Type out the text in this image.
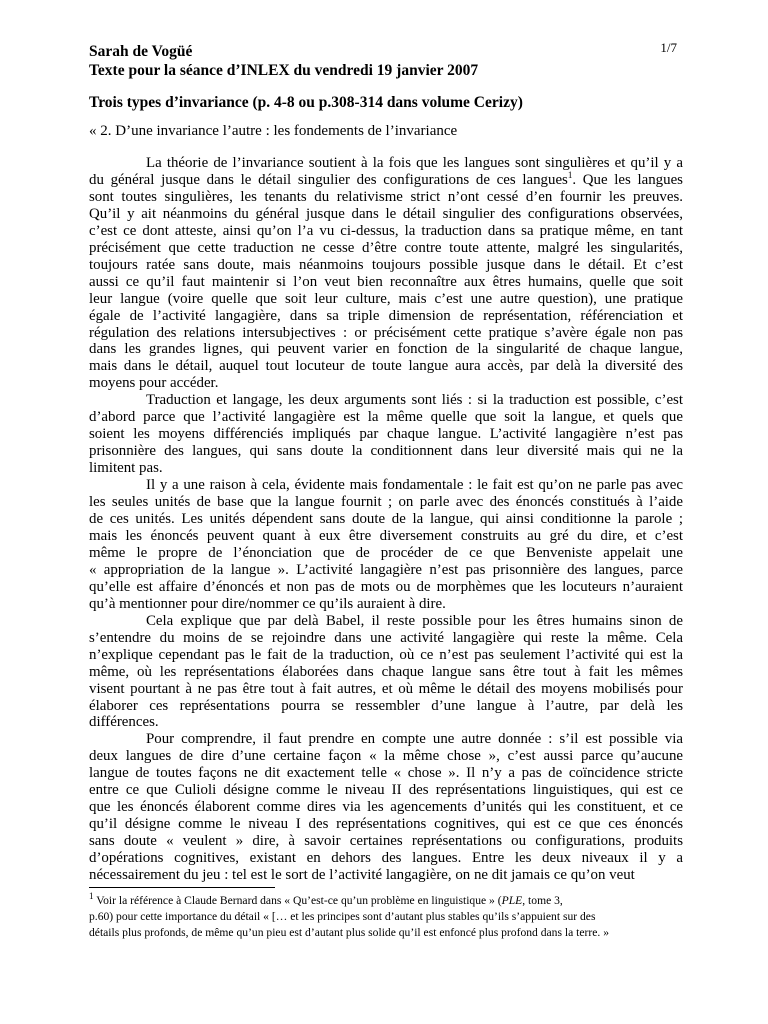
1/7

Sarah de Vogüé

Texte pour la séance d’INLEX du vendredi 19 janvier 2007

Trois types d’invariance (p. 4-8 ou p.308-314 dans volume Cerizy)

« 2. D’une invariance l’autre : les fondements de l’invariance
La théorie de l’invariance soutient à la fois que les langues sont singulières et qu’il y a
du général jusque dans le détail singulier des configurations de ces langues$^1$. Que les langues
sont toutes singulières, les tenants du relativisme strict n’ont cessé d’en fournir les preuves.
Qu’il y ait néanmoins du général jusque dans le détail singulier des configurations observées,
c’est ce dont atteste, ainsi qu’on l’a vu ci-dessus, la traduction dans sa pratique même, en tant
précisément que cette traduction ne cesse d’être contre toute attente, malgré les singularités,
toujours ratée sans doute, mais néanmoins toujours possible jusque dans le détail. Et c’est
aussi ce qu’il faut maintenir si l’on veut bien reconnaître aux êtres humains, quelle que soit
leur langue (voire quelle que soit leur culture, mais c’est une autre question), une pratique
égale de l’activité langagière, dans sa triple dimension de représentation, référenciation et
régulation des relations intersubjectives : or précisément cette pratique s’avère égale non pas
dans les grandes lignes, qui peuvent varier en fonction de la singularité de chaque langue,
mais dans le détail, auquel tout locuteur de toute langue aura accès, par delà la diversité des
moyens pour accéder.
Traduction et langage, les deux arguments sont liés : si la traduction est possible, c’est
d’abord parce que l’activité langagière est la même quelle que soit la langue, et quels que
soient les moyens différenciés impliqués par chaque langue. L’activité langagière n’est pas
prisonnière des langues, qui sans doute la conditionnent dans leur diversité mais qui ne la
limitent pas.
Il y a une raison à cela, évidente mais fondamentale : le fait est qu’on ne parle pas avec
les seules unités de base que la langue fournit ; on parle avec des énoncés constitués à l’aide
de ces unités. Les unités dépendent sans doute de la langue, qui ainsi conditionne la parole ;
mais les énoncés peuvent quant à eux être diversement construits au gré du dire, et c’est
même le propre de l’énonciation que de procéder de ce que Benveniste appelait une
« appropriation de la langue ». L’activité langagière n’est pas prisonnière des langues, parce
qu’elle est affaire d’énoncés et non pas de mots ou de morphèmes que les locuteurs n’auraient
qu’à mentionner pour dire/nommer ce qu’ils auraient à dire.
Cela explique que par delà Babel, il reste possible pour les êtres humains sinon de
s’entendre du moins de se rejoindre dans une activité langagière qui reste la même. Cela
n’explique cependant pas le fait de la traduction, où ce n’est pas seulement l’activité qui est la
même, où les représentations élaborées dans chaque langue sans être tout à fait les mêmes
visent pourtant à ne pas être tout à fait autres, et où même le détail des moyens mobilisés pour
élaborer ces représentations pourra se ressembler d’une langue à l’autre, par delà les
différences.
Pour comprendre, il faut prendre en compte une autre donnée : s’il est possible via
deux langues de dire d’une certaine façon « la même chose », c’est aussi parce qu’aucune
langue de toutes façons ne dit exactement telle « chose ». Il n’y a pas de coïncidence stricte
entre ce que Culioli désigne comme le niveau II des représentations linguistiques, qui est ce
que les énoncés élaborent comme dires via les agencements d’unités qui les constituent, et ce
qu’il désigne comme le niveau I des représentations cognitives, qui est ce que ces énoncés
sans doute « veulent » dire, à savoir certaines représentations ou configurations, produits
d’opérations cognitives, existant en dehors des langues. Entre les deux niveaux il y a
nécessairement du jeu : tel est le sort de l’activité langagière, on ne dit jamais ce qu’on veut
$^1$ Voir la référence à Claude Bernard dans « Qu’est-ce qu’un problème en linguistique » (PLE, tome 3,
p.60) pour cette importance du détail « [… et les principes sont d’autant plus stables qu’ils s’appuient sur des
détails plus profonds, de même qu’un pieu est d’autant plus solide qu’il est enfoncé plus profond dans la terre. »
